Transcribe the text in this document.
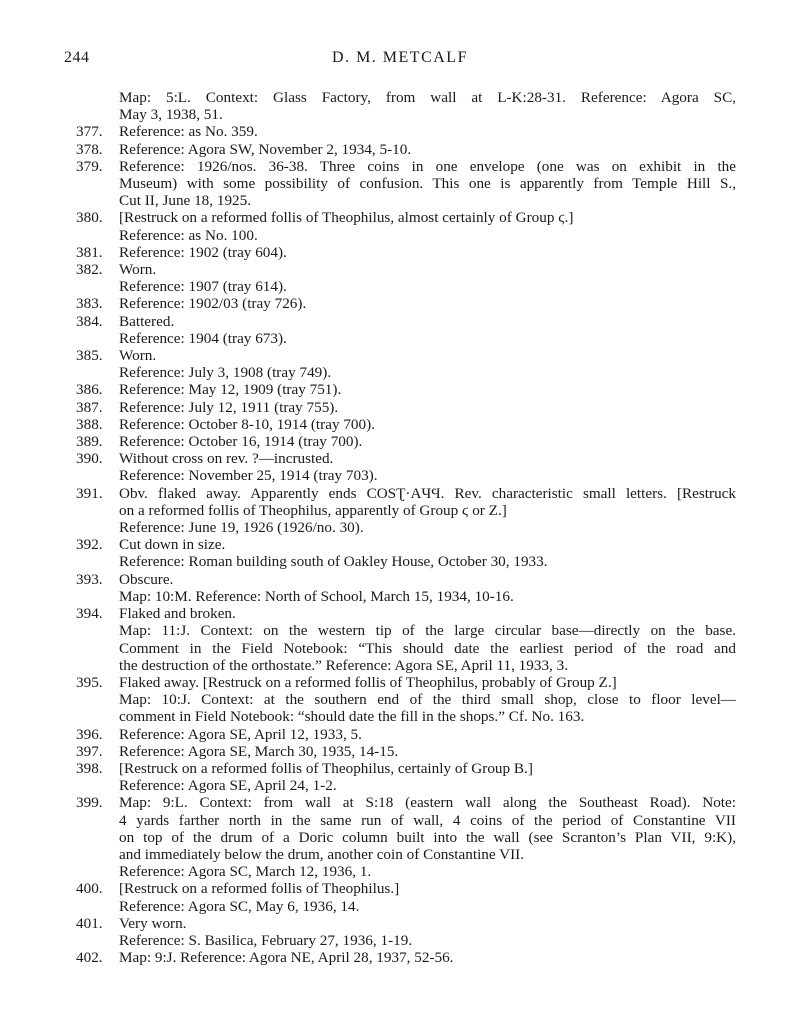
244	D. M. METCALF
Map: 5:L. Context: Glass Factory, from wall at L-K:28-31. Reference: Agora SC,
May 3, 1938, 51.
377. Reference: as No. 359.
378. Reference: Agora SW, November 2, 1934, 5-10.
379. Reference: 1926/nos. 36-38. Three coins in one envelope (one was on exhibit in the
Museum) with some possibility of confusion. This one is apparently from Temple Hill S.,
Cut II, June 18, 1925.
380. [Restruck on a reformed follis of Theophilus, almost certainly of Group ϛ.]
Reference: as No. 100.
381. Reference: 1902 (tray 604).
382. Worn.
Reference: 1907 (tray 614).
383. Reference: 1902/03 (tray 726).
384. Battered.
Reference: 1904 (tray 673).
385. Worn.
Reference: July 3, 1908 (tray 749).
386. Reference: May 12, 1909 (tray 751).
387. Reference: July 12, 1911 (tray 755).
388. Reference: October 8-10, 1914 (tray 700).
389. Reference: October 16, 1914 (tray 700).
390. Without cross on rev. ?—incrusted.
Reference: November 25, 1914 (tray 703).
391. Obv. flaked away. Apparently ends COSƮ·AЧϤ. Rev. characteristic small letters. [Restruck
on a reformed follis of Theophilus, apparently of Group ϛ or Z.]
Reference: June 19, 1926 (1926/no. 30).
392. Cut down in size.
Reference: Roman building south of Oakley House, October 30, 1933.
393. Obscure.
Map: 10:M. Reference: North of School, March 15, 1934, 10-16.
394. Flaked and broken.
Map: 11:J. Context: on the western tip of the large circular base—directly on the base.
Comment in the Field Notebook: “This should date the earliest period of the road and
the destruction of the orthostate.” Reference: Agora SE, April 11, 1933, 3.
395. Flaked away. [Restruck on a reformed follis of Theophilus, probably of Group Z.]
Map: 10:J. Context: at the southern end of the third small shop, close to floor level—
comment in Field Notebook: “should date the fill in the shops.” Cf. No. 163.
396. Reference: Agora SE, April 12, 1933, 5.
397. Reference: Agora SE, March 30, 1935, 14-15.
398. [Restruck on a reformed follis of Theophilus, certainly of Group B.]
Reference: Agora SE, April 24, 1-2.
399. Map: 9:L. Context: from wall at S:18 (eastern wall along the Southeast Road). Note:
4 yards farther north in the same run of wall, 4 coins of the period of Constantine VII
on top of the drum of a Doric column built into the wall (see Scranton’s Plan VII, 9:K),
and immediately below the drum, another coin of Constantine VII.
Reference: Agora SC, March 12, 1936, 1.
400. [Restruck on a reformed follis of Theophilus.]
Reference: Agora SC, May 6, 1936, 14.
401. Very worn.
Reference: S. Basilica, February 27, 1936, 1-19.
402. Map: 9:J. Reference: Agora NE, April 28, 1937, 52-56.
